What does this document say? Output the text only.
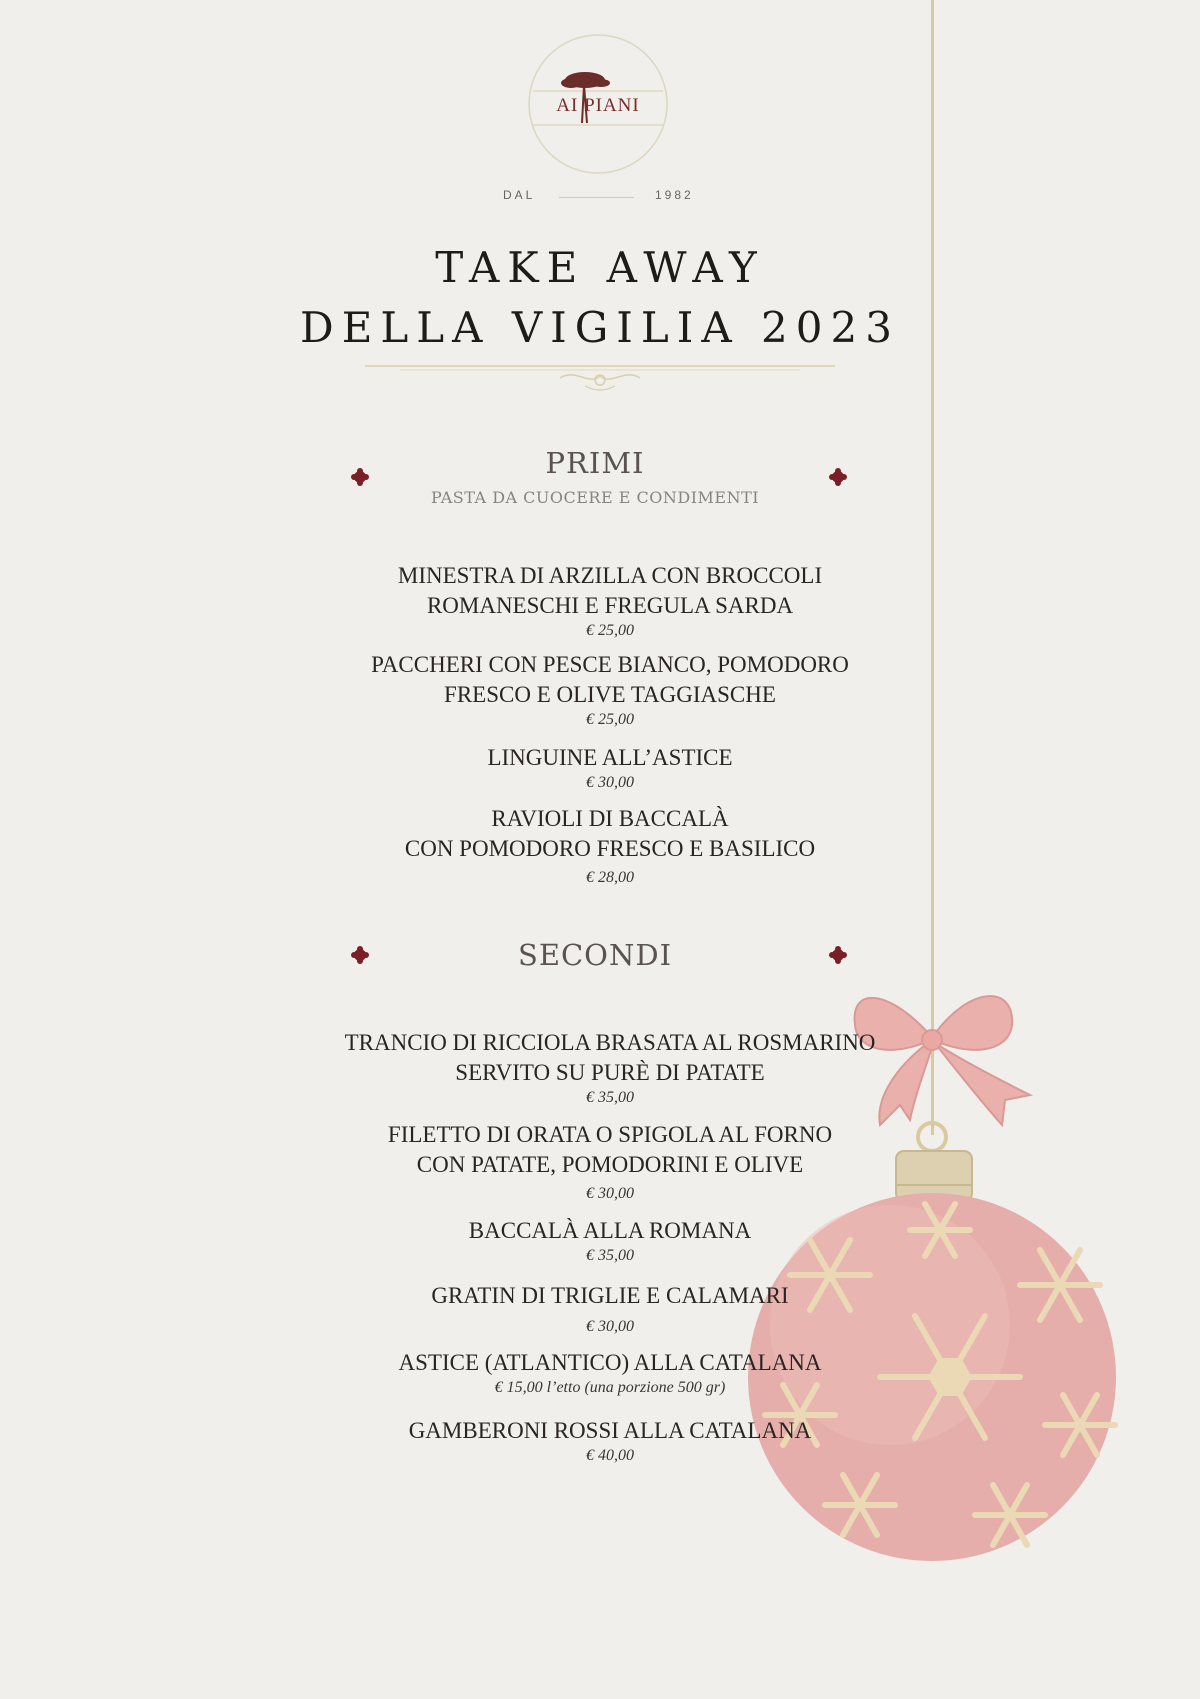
AI PIANI
DAL	1982
TAKE AWAY
DELLA VIGILIA 2023
PRIMI
PASTA DA CUOCERE E CONDIMENTI
MINESTRA DI ARZILLA CON BROCCOLI
ROMANESCHI E FREGULA SARDA
€ 25,00
PACCHERI CON PESCE BIANCO, POMODORO
FRESCO E OLIVE TAGGIASCHE
€ 25,00
LINGUINE ALL’ASTICE
€ 30,00
RAVIOLI DI BACCALÀ
CON POMODORO FRESCO E BASILICO
€ 28,00
SECONDI
TRANCIO DI RICCIOLA BRASATA AL ROSMARINO
SERVITO SU PURÈ DI PATATE
€ 35,00
FILETTO DI ORATA O SPIGOLA AL FORNO
CON PATATE, POMODORINI E OLIVE
€ 30,00
BACCALÀ ALLA ROMANA
€ 35,00
GRATIN DI TRIGLIE E CALAMARI
€ 30,00
ASTICE (ATLANTICO) ALLA CATALANA
€ 15,00 l’etto (una porzione 500 gr)
GAMBERONI ROSSI ALLA CATALANA
€ 40,00
